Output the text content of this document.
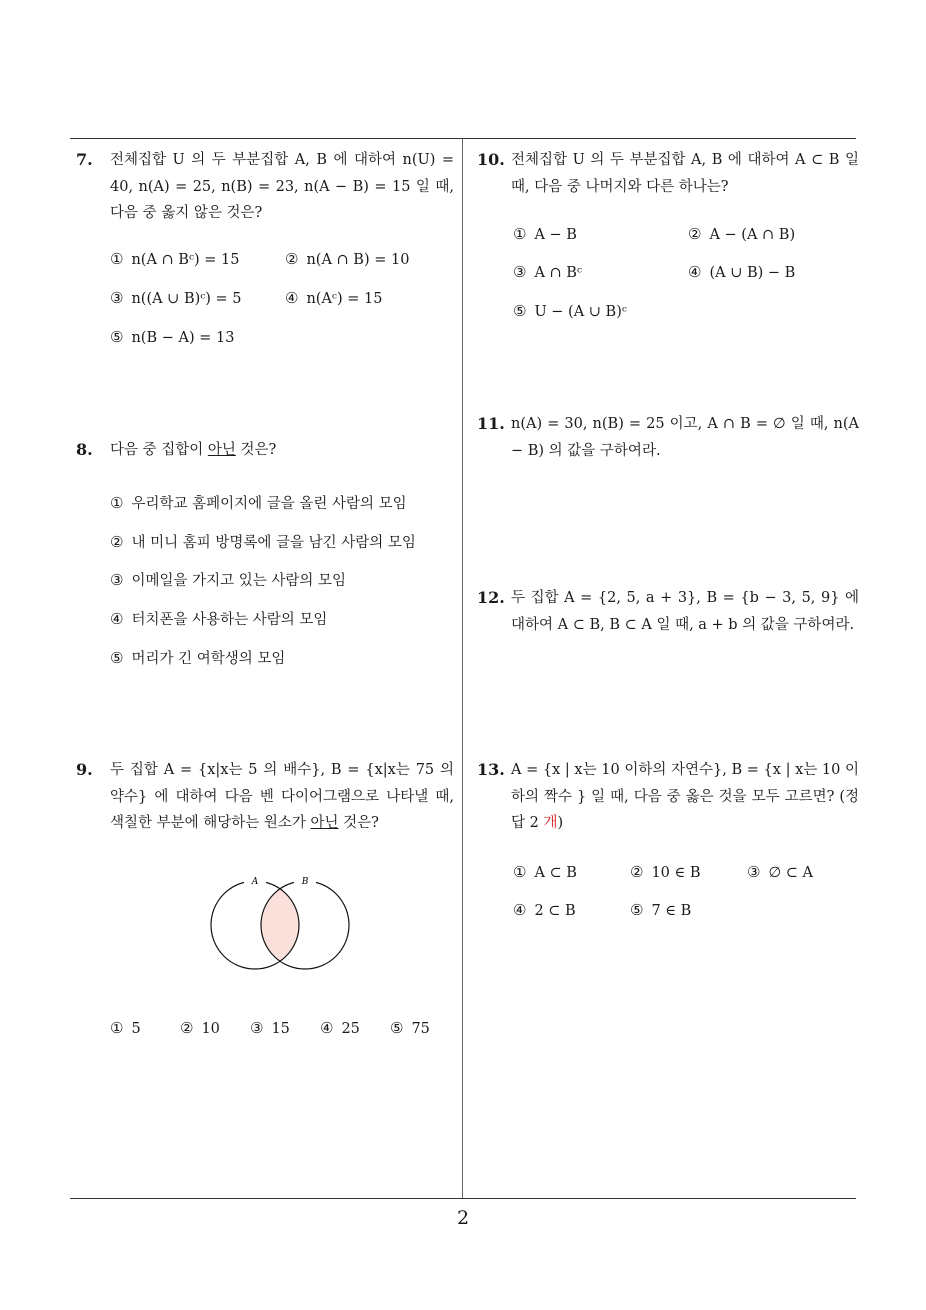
7. 전체집합 U 의 두 부분집합 A, B 에 대하여 n(U) = 40, n(A) = 25, n(B) = 23, n(A − B) = 15 일 때, 다음 중 옳지 않은 것은?
① n(A ∩ Bᶜ) = 15	② n(A ∩ B) = 10
③ n((A ∪ B)ᶜ) = 5	④ n(Aᶜ) = 15
⑤ n(B − A) = 13
8. 다음 중 집합이 아닌 것은?
① 우리학교 홈페이지에 글을 올린 사람의 모임
② 내 미니 홈피 방명록에 글을 남긴 사람의 모임
③ 이메일을 가지고 있는 사람의 모임
④ 터치폰을 사용하는 사람의 모임
⑤ 머리가 긴 여학생의 모임
9. 두 집합 A = {x|x는 5 의 배수}, B = {x|x는 75 의 약수} 에 대하여 다음 벤 다이어그램으로 나타낼 때, 색칠한 부분에 해당하는 원소가 아닌 것은?
A	B
① 5	② 10 ③ 15 ④ 25 ⑤ 75
10. 전체집합 U 의 두 부분집합 A, B 에 대하여 A ⊂ B 일 때, 다음 중 나머지와 다른 하나는?
① A − B	② A − (A ∩ B)
③ A ∩ Bᶜ	④ (A ∪ B) − B
⑤ U − (A ∪ B)ᶜ
11. n(A) = 30, n(B) = 25 이고, A ∩ B = ∅ 일 때, n(A − B) 의 값을 구하여라.
12. 두 집합 A = {2, 5, a + 3}, B = {b − 3, 5, 9} 에 대하여 A ⊂ B, B ⊂ A 일 때, a + b 의 값을 구하여라.
13. A = {x | x는 10 이하의 자연수}, B = {x | x는 10 이하의 짝수 } 일 때, 다음 중 옳은 것을 모두 고르면? (정답 2 개)
① A ⊂ B	② 10 ∈ B	③ ∅ ⊂ A
④ 2 ⊂ B	⑤ 7 ∈ B
2
